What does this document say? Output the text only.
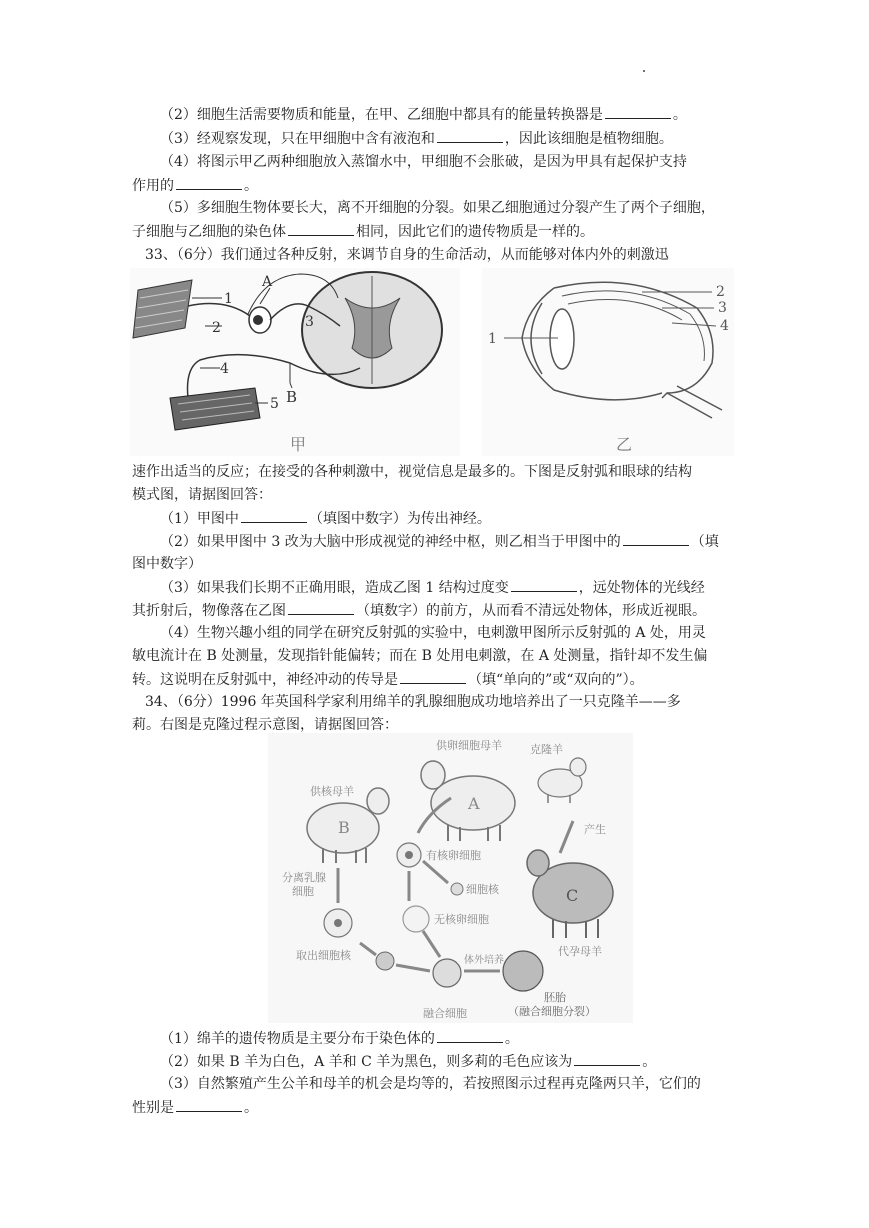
（2）细胞生活需要物质和能量，在甲、乙细胞中都具有的能量转换器是	。
（3）经观察发现，只在甲细胞中含有液泡和	，因此该细胞是植物细胞。
（4）将图示甲乙两种细胞放入蒸馏水中，甲细胞不会胀破，是因为甲具有起保护支持
作用的	。
（5）多细胞生物体要长大，离不开细胞的分裂。如果乙细胞通过分裂产生了两个子细胞，
子细胞与乙细胞的染色体	相同，因此它们的遗传物质是一样的。
33、（6分）我们通过各种反射，来调节自身的生命活动，从而能够对体内外的刺激迅
1
2	3
4
5
A
B
甲
1
2
3
4
乙
速作出适当的反应；在接受的各种刺激中，视觉信息是最多的。下图是反射弧和眼球的结构
模式图，请据图回答：
（1）甲图中	（填图中数字）为传出神经。
（2）如果甲图中 3 改为大脑中形成视觉的神经中枢，则乙相当于甲图中的	（填
图中数字）
（3）如果我们长期不正确用眼，造成乙图 1 结构过度变	，远处物体的光线经
其折射后，物像落在乙图	（填数字）的前方，从而看不清远处物体，形成近视眼。
（4）生物兴趣小组的同学在研究反射弧的实验中，电刺激甲图所示反射弧的 A 处，用灵
敏电流计在 B 处测量，发现指针能偏转；而在 B 处用电刺激，在 A 处测量，指针却不发生偏
转。这说明在反射弧中，神经冲动的传导是	（填“单向的”或“双向的”）。
34、（6分）1996 年英国科学家利用绵羊的乳腺细胞成功地培养出了一只克隆羊——多
莉。右图是克隆过程示意图，请据图回答：
供卵细胞母羊	克隆羊
供核母羊
A
B
C
产生
有核卵细胞
细胞核
分离乳腺
细胞
无核卵细胞
取出细胞核	体外培养
代孕母羊
胚胎
（融合细胞分裂）
融合细胞
（1）绵羊的遗传物质是主要分布于染色体的	。
（2）如果 B 羊为白色，A 羊和 C 羊为黑色，则多莉的毛色应该为	。
（3）自然繁殖产生公羊和母羊的机会是均等的，若按照图示过程再克隆两只羊，它们的
性别是	。
